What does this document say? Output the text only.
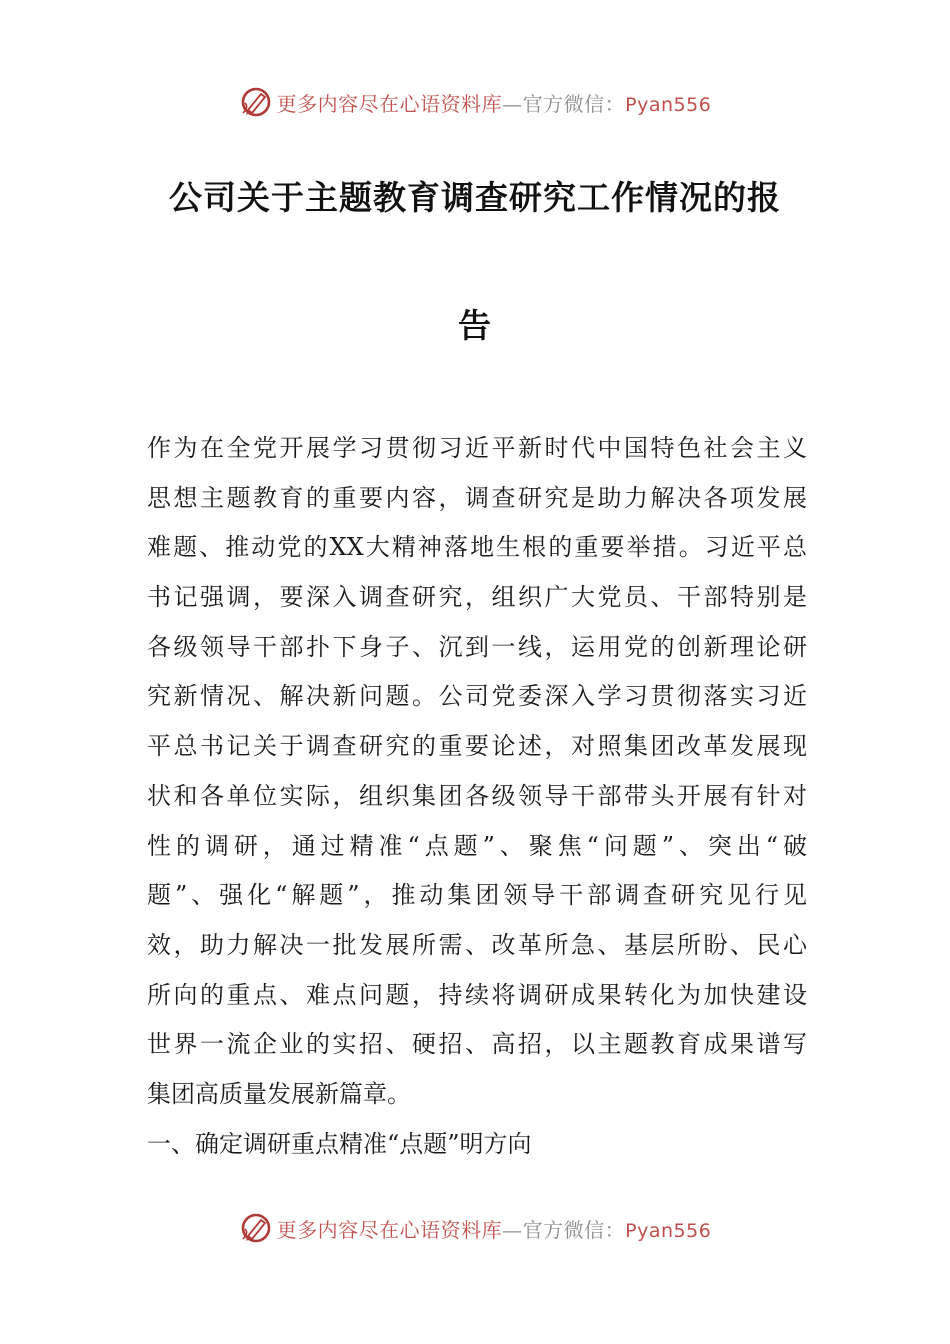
更多内容尽在心语资料库—官方微信：Pyan556
公司关于主题教育调查研究工作情况的报
告
作为在全党开展学习贯彻习近平新时代中国特色社会主义
思想主题教育的重要内容，调查研究是助力解决各项发展
难题、推动党的XX大精神落地生根的重要举措。习近平总
书记强调，要深入调查研究，组织广大党员、干部特别是
各级领导干部扑下身子、沉到一线，运用党的创新理论研
究新情况、解决新问题。公司党委深入学习贯彻落实习近
平总书记关于调查研究的重要论述，对照集团改革发展现
状和各单位实际，组织集团各级领导干部带头开展有针对
性的调研，通过精准“点题”、聚焦“问题”、突出“破
题”、强化“解题”，推动集团领导干部调查研究见行见
效，助力解决一批发展所需、改革所急、基层所盼、民心
所向的重点、难点问题，持续将调研成果转化为加快建设
世界一流企业的实招、硬招、高招，以主题教育成果谱写
集团高质量发展新篇章。
一、确定调研重点精准“点题”明方向
更多内容尽在心语资料库—官方微信：Pyan556
